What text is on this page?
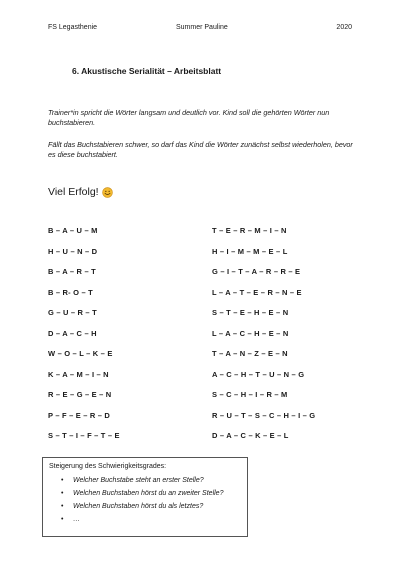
FS Legasthenie	Summer Pauline	2020
6. Akustische Serialität – Arbeitsblatt
Trainer*in spricht die Wörter langsam und deutlich vor. Kind soll die gehörten Wörter nun buchstabieren.
Fällt das Buchstabieren schwer, so darf das Kind die Wörter zunächst selbst wiederholen, bevor es diese buchstabiert.
Viel Erfolg!
B – A – U – M	T – E – R – M – I – N
H – U – N – D	H – I – M – M – E – L
B – A – R – T	G – I – T – A – R – R – E
B – R- O – T	L – A – T – E – R – N – E
G – U – R – T	S – T – E – H – E – N
D – A – C – H	L – A – C – H – E – N
W – O – L – K – E	T – A – N – Z – E – N
K – A – M – I – N	A – C – H – T – U – N – G
R – E – G – E – N	S – C – H – I – R – M
P – F – E – R – D	R – U – T – S – C – H – I – G
S – T – I – F – T – E	D – A – C – K – E – L
Steigerung des Schwierigkeitsgrades:
• Welcher Buchstabe steht an erster Stelle?
• Welchen Buchstaben hörst du an zweiter Stelle?
• Welchen Buchstaben hörst du als letztes?
• …
